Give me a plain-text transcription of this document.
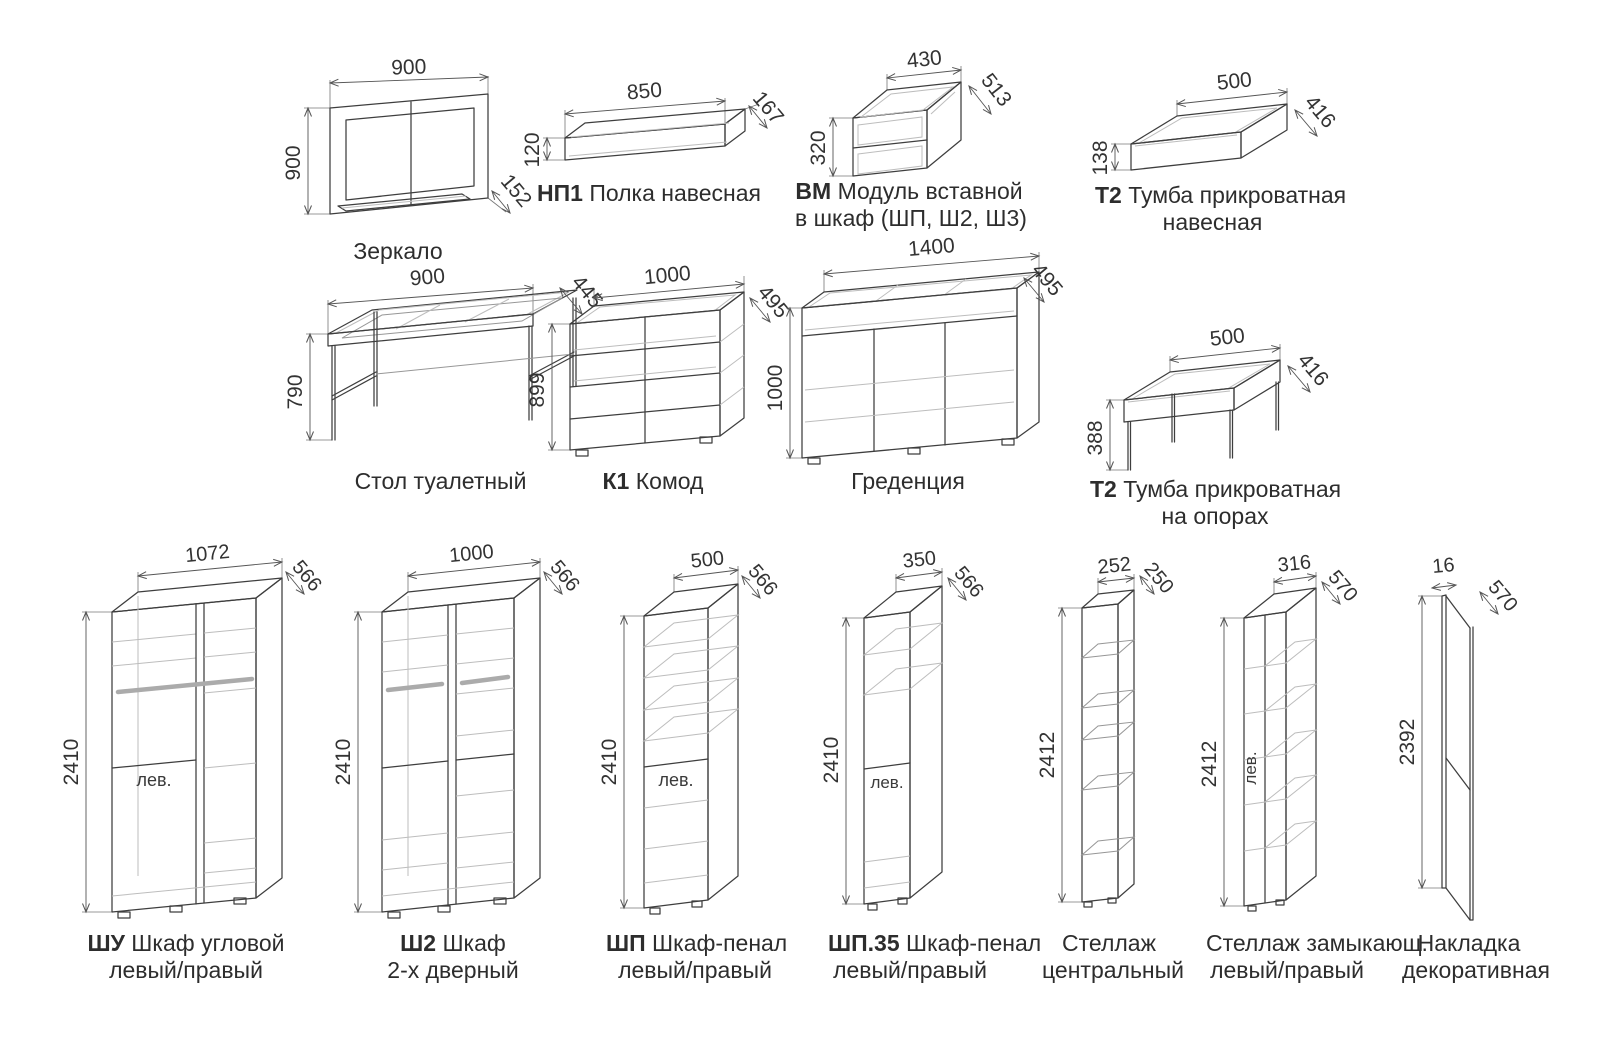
900
900
152
Зеркало
850
120
167
НП1 Полка навесная
430
513
320
ВМ Модуль вставной
в шкаф (ШП, Ш2, Ш3)
500
416
138
Т2 Тумба прикроватная
навесная
900	445
790
Стол туалетный
1000
495
899
К1 Комод
1400
495
1000
Греденция
500
416
388
Т2 Тумба прикроватная
на опорах
лев.
1072
566
2410
ШУ Шкаф угловой
левый/правый
1000
566
2410
Ш2 Шкаф
2-х дверный
лев.
500
566
2410
ШП Шкаф-пенал
левый/правый
лев.
350
566
2410
ШП.35 Шкаф-пенал
левый/правый
252 250
2412
Стеллаж
центральный
лев.
316
570
2412
Стеллаж замыкающ.
левый/правый
16
570
2392
Накладка
декоративная
